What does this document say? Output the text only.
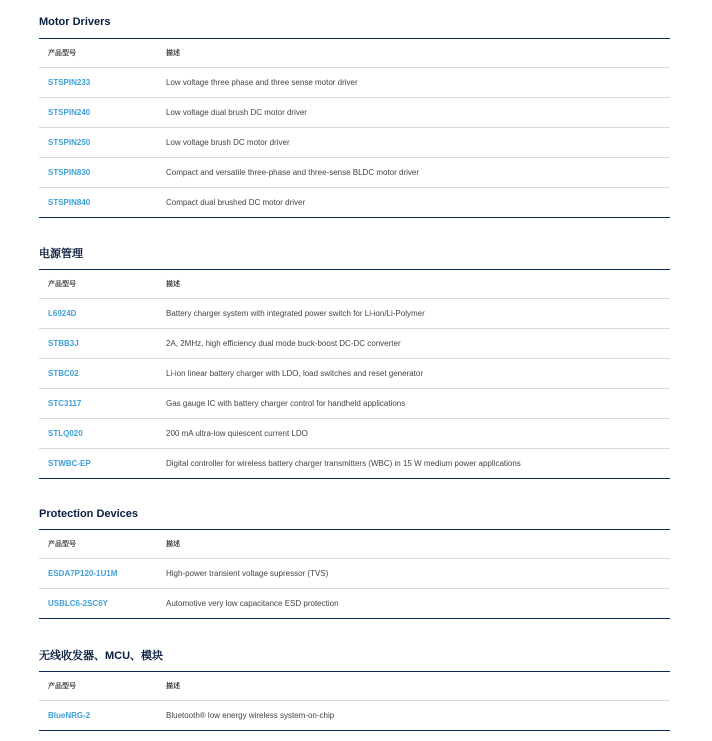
Motor Drivers
产品型号	描述
STSPIN233	Low voltage three phase and three sense motor driver
STSPIN240	Low voltage dual brush DC motor driver
STSPIN250	Low voltage brush DC motor driver
STSPIN830	Compact and versatile three-phase and three-sense BLDC motor driver
STSPIN840	Compact dual brushed DC motor driver
电源管理
产品型号	描述
L6924D	Battery charger system with integrated power switch for Li-ion/Li-Polymer
STBB3J	2A, 2MHz, high efficiency dual mode buck-boost DC-DC converter
STBC02	Li-ion linear battery charger with LDO, load switches and reset generator
STC3117	Gas gauge IC with battery charger control for handheld applications
STLQ020	200 mA ultra-low quiescent current LDO
STWBC-EP	Digital controller for wireless battery charger transmitters (WBC) in 15 W medium power applications
Protection Devices
产品型号	描述
ESDA7P120-1U1M	High-power transient voltage supressor (TVS)
USBLC6-2SC6Y	Automotive very low capacitance ESD protection
无线收发器、MCU、模块
产品型号	描述
BlueNRG-2	Bluetooth® low energy wireless system-on-chip
